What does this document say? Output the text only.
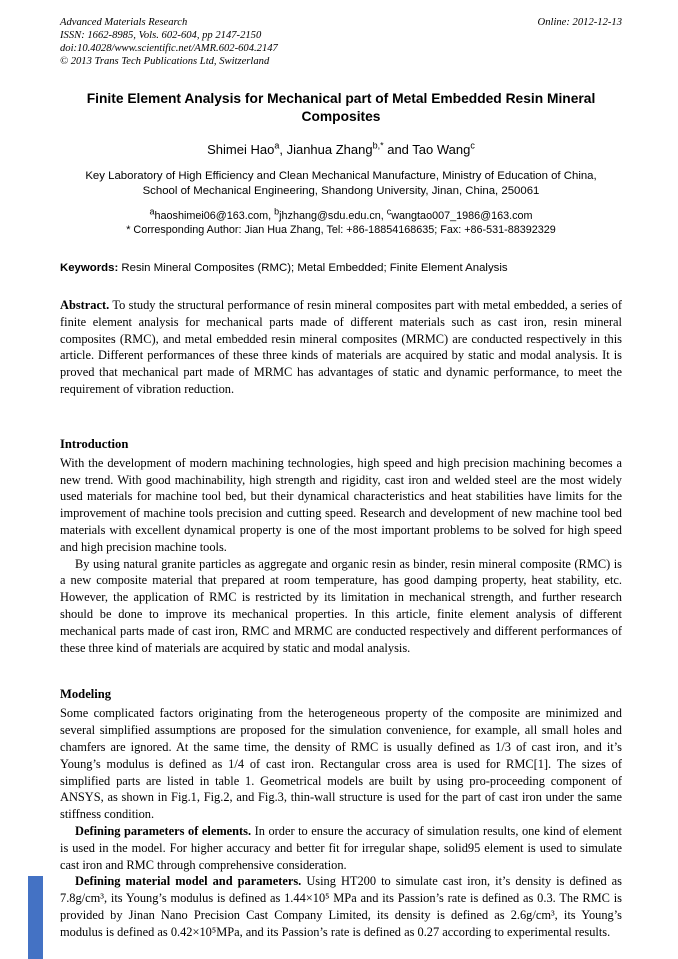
Advanced Materials Research	Online: 2012-12-13
ISSN: 1662-8985, Vols. 602-604, pp 2147-2150
doi:10.4028/www.scientific.net/AMR.602-604.2147
© 2013 Trans Tech Publications Ltd, Switzerland
Finite Element Analysis for Mechanical part of Metal Embedded Resin Mineral Composites
Shimei Hao$^a$, Jianhua Zhang$^{b,*}$ and Tao Wang$^c$
Key Laboratory of High Efficiency and Clean Mechanical Manufacture, Ministry of Education of China, School of Mechanical Engineering, Shandong University, Jinan, China, 250061
$^a$haoshimei06@163.com, $^b$jhzhang@sdu.edu.cn, $^c$wangtao007_1986@163.com
* Corresponding Author: Jian Hua Zhang, Tel: +86-18854168635; Fax: +86-531-88392329
Keywords: Resin Mineral Composites (RMC); Metal Embedded; Finite Element Analysis

Abstract. To study the structural performance of resin mineral composites part with metal embedded, a series of finite element analysis for mechanical parts made of different materials such as cast iron, resin mineral composites (RMC), and metal embedded resin mineral composites (MRMC) are conducted respectively in this article. Different performances of these three kinds of materials are acquired by static and modal analysis. It is proved that mechanical part made of MRMC has advantages of static and dynamic performance, to meet the requirement of vibration reduction.

Introduction

With the development of modern machining technologies, high speed and high precision machining becomes a new trend. With good machinability, high strength and rigidity, cast iron and welded steel are the most widely used materials for machine tool bed, but their dynamical characteristics and heat stabilities have limits for the improvement of machine tools precision and cutting speed. Research and development of new machine tool bed materials with excellent dynamical property is one of the most important problems to be solved for high speed and high precision machine tools.

By using natural granite particles as aggregate and organic resin as binder, resin mineral composite (RMC) is a new composite material that prepared at room temperature, has good damping property, heat stability, etc. However, the application of RMC is restricted by its limitation in mechanical strength, and further research should be done to improve its mechanical properties. In this article, finite element analysis of different mechanical parts made of cast iron, RMC and MRMC are conducted respectively and different performances of these three kind of materials are acquired by static and modal analysis.

Modeling

Some complicated factors originating from the heterogeneous property of the composite are minimized and several simplified assumptions are proposed for the simulation convenience, for example, all small holes and chamfers are ignored. At the same time, the density of RMC is usually defined as 1/3 of cast iron, and it’s Young’s modulus is defined as 1/4 of cast iron. Rectangular cross area is used for RMC[1]. The sizes of simplified parts are listed in table 1. Geometrical models are built by using pro-proceeding component of ANSYS, as shown in Fig.1, Fig.2, and Fig.3, thin-wall structure is used for the part of cast iron under the same stiffness condition.

Defining parameters of elements. In order to ensure the accuracy of simulation results, one kind of element is used in the model. For higher accuracy and better fit for irregular shape, solid95 element is used to simulate cast iron and RMC through comprehensive consideration.

Defining material model and parameters. Using HT200 to simulate cast iron, it’s density is defined as 7.8g/cm³, its Young’s modulus is defined as 1.44×10⁵ MPa and its Passion’s rate is defined as 0.3. The RMC is provided by Jinan Nano Precision Cast Company Limited, its density is defined as 2.6g/cm³, its Young’s modulus is defined as 0.42×10⁵MPa, and its Passion’s rate is defined as 0.27 according to experimental results.
